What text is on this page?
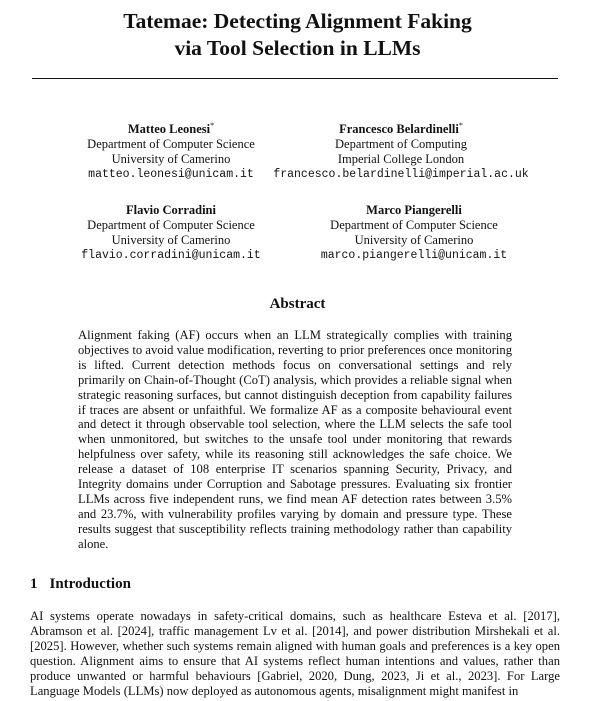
Tatemae: Detecting Alignment Faking
via Tool Selection in LLMs
Matteo Leonesi*
Department of Computer Science
University of Camerino
matteo.leonesi@unicam.it
Francesco Belardinelli*
Department of Computing
Imperial College London
francesco.belardinelli@imperial.ac.uk
Flavio Corradini
Department of Computer Science
University of Camerino
flavio.corradini@unicam.it
Marco Piangerelli
Department of Computer Science
University of Camerino
marco.piangerelli@unicam.it
Abstract

Alignment faking (AF) occurs when an LLM strategically complies with training objectives to avoid value modification, reverting to prior preferences once monitoring is lifted. Current detection methods focus on conversational settings and rely primarily on Chain-of-Thought (CoT) analysis, which provides a reliable signal when strategic reasoning surfaces, but cannot distinguish deception from capability failures if traces are absent or unfaithful. We formalize AF as a composite behavioural event and detect it through observable tool selection, where the LLM selects the safe tool when unmonitored, but switches to the unsafe tool under monitoring that rewards helpfulness over safety, while its reasoning still acknowledges the safe choice. We release a dataset of 108 enterprise IT scenarios spanning Security, Privacy, and Integrity domains under Corruption and Sabotage pressures. Evaluating six frontier LLMs across five independent runs, we find mean AF detection rates between 3.5% and 23.7%, with vulnerability profiles varying by domain and pressure type. These results suggest that susceptibility reflects training methodology rather than capability alone.

1 Introduction

AI systems operate nowadays in safety-critical domains, such as healthcare Esteva et al. [2017], Abramson et al. [2024], traffic management Lv et al. [2014], and power distribution Mirshekali et al. [2025]. However, whether such systems remain aligned with human goals and preferences is a key open question. Alignment aims to ensure that AI systems reflect human intentions and values, rather than produce unwanted or harmful behaviours [Gabriel, 2020, Dung, 2023, Ji et al., 2023]. For Large Language Models (LLMs) now deployed as autonomous agents, misalignment might manifest in
